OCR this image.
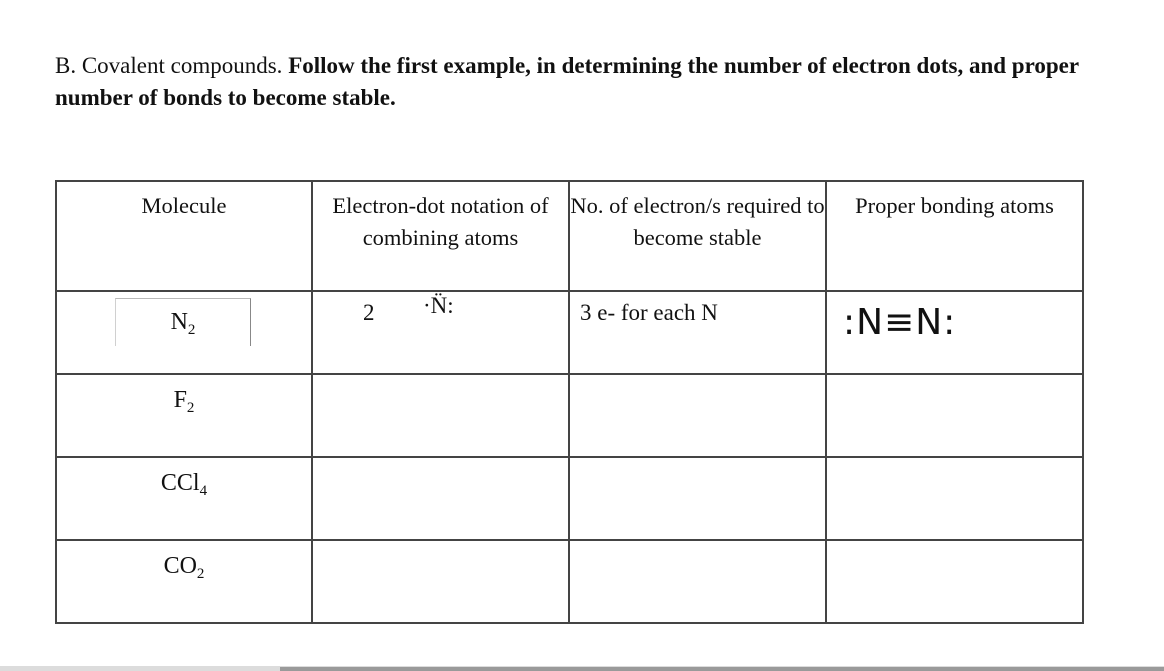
B. Covalent compounds. Follow the first example, in determining the number of electron dots, and proper number of bonds to become stable.
Molecule	Electron-dot notation of combining atoms	No. of electron/s required to become stable	Proper bonding atoms

$N_2$	2 ·N̈:	3 e- for each N	:N≡N:

$F_2$			
CCl$_4$			
$CO_2$			
